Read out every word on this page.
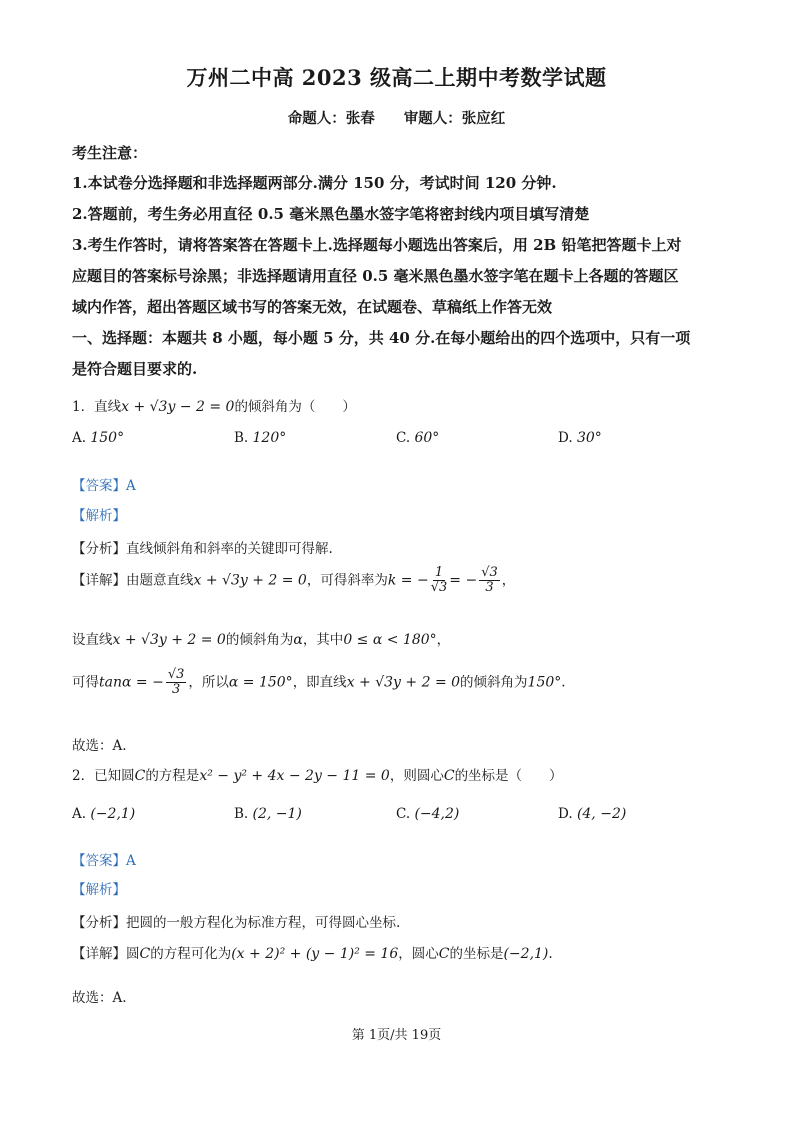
万州二中高 2023 级高二上期中考数学试题
命题人：张春 审题人：张应红
考生注意：
1.本试卷分选择题和非选择题两部分.满分 150 分，考试时间 120 分钟.
2.答题前，考生务必用直径 0.5 毫米黑色墨水签字笔将密封线内项目填写清楚
3.考生作答时，请将答案答在答题卡上.选择题每小题选出答案后，用 2B 铅笔把答题卡上对
应题目的答案标号涂黑；非选择题请用直径 0.5 毫米黑色墨水签字笔在题卡上各题的答题区
域内作答，超出答题区域书写的答案无效，在试题卷、草稿纸上作答无效
一、选择题：本题共 8 小题，每小题 5 分，共 40 分.在每小题给出的四个选项中，只有一项
是符合题目要求的.
1．直线x + √3y − 2 = 0的倾斜角为（　　）
A. 150°	B. 120°	C. 60°	D. 30°
【答案】A
【解析】
【分析】直线倾斜角和斜率的关键即可得解.
【详解】由题意直线x + √3y + 2 = 0，可得斜率为k = − $\frac{1}{√3}$ = − $\frac{√3}{3}$ ，
设直线x + √3y + 2 = 0的倾斜角为α，其中0 ≤ α < 180°，
可得tanα = − $\frac{√3}{3}$ ，所以α = 150°，即直线x + √3y + 2 = 0的倾斜角为150°.
故选：A.
2．已知圆C的方程是x² − y² + 4x − 2y − 11 = 0，则圆心C的坐标是（　　）
A. (−2,1)	B. (2, −1)	C. (−4,2)	D. (4, −2)
【答案】A
【解析】
【分析】把圆的一般方程化为标准方程，可得圆心坐标.
【详解】圆C的方程可化为(x + 2)² + (y − 1)² = 16，圆心C的坐标是(−2,1).
故选：A.
第 1页/共 19页
